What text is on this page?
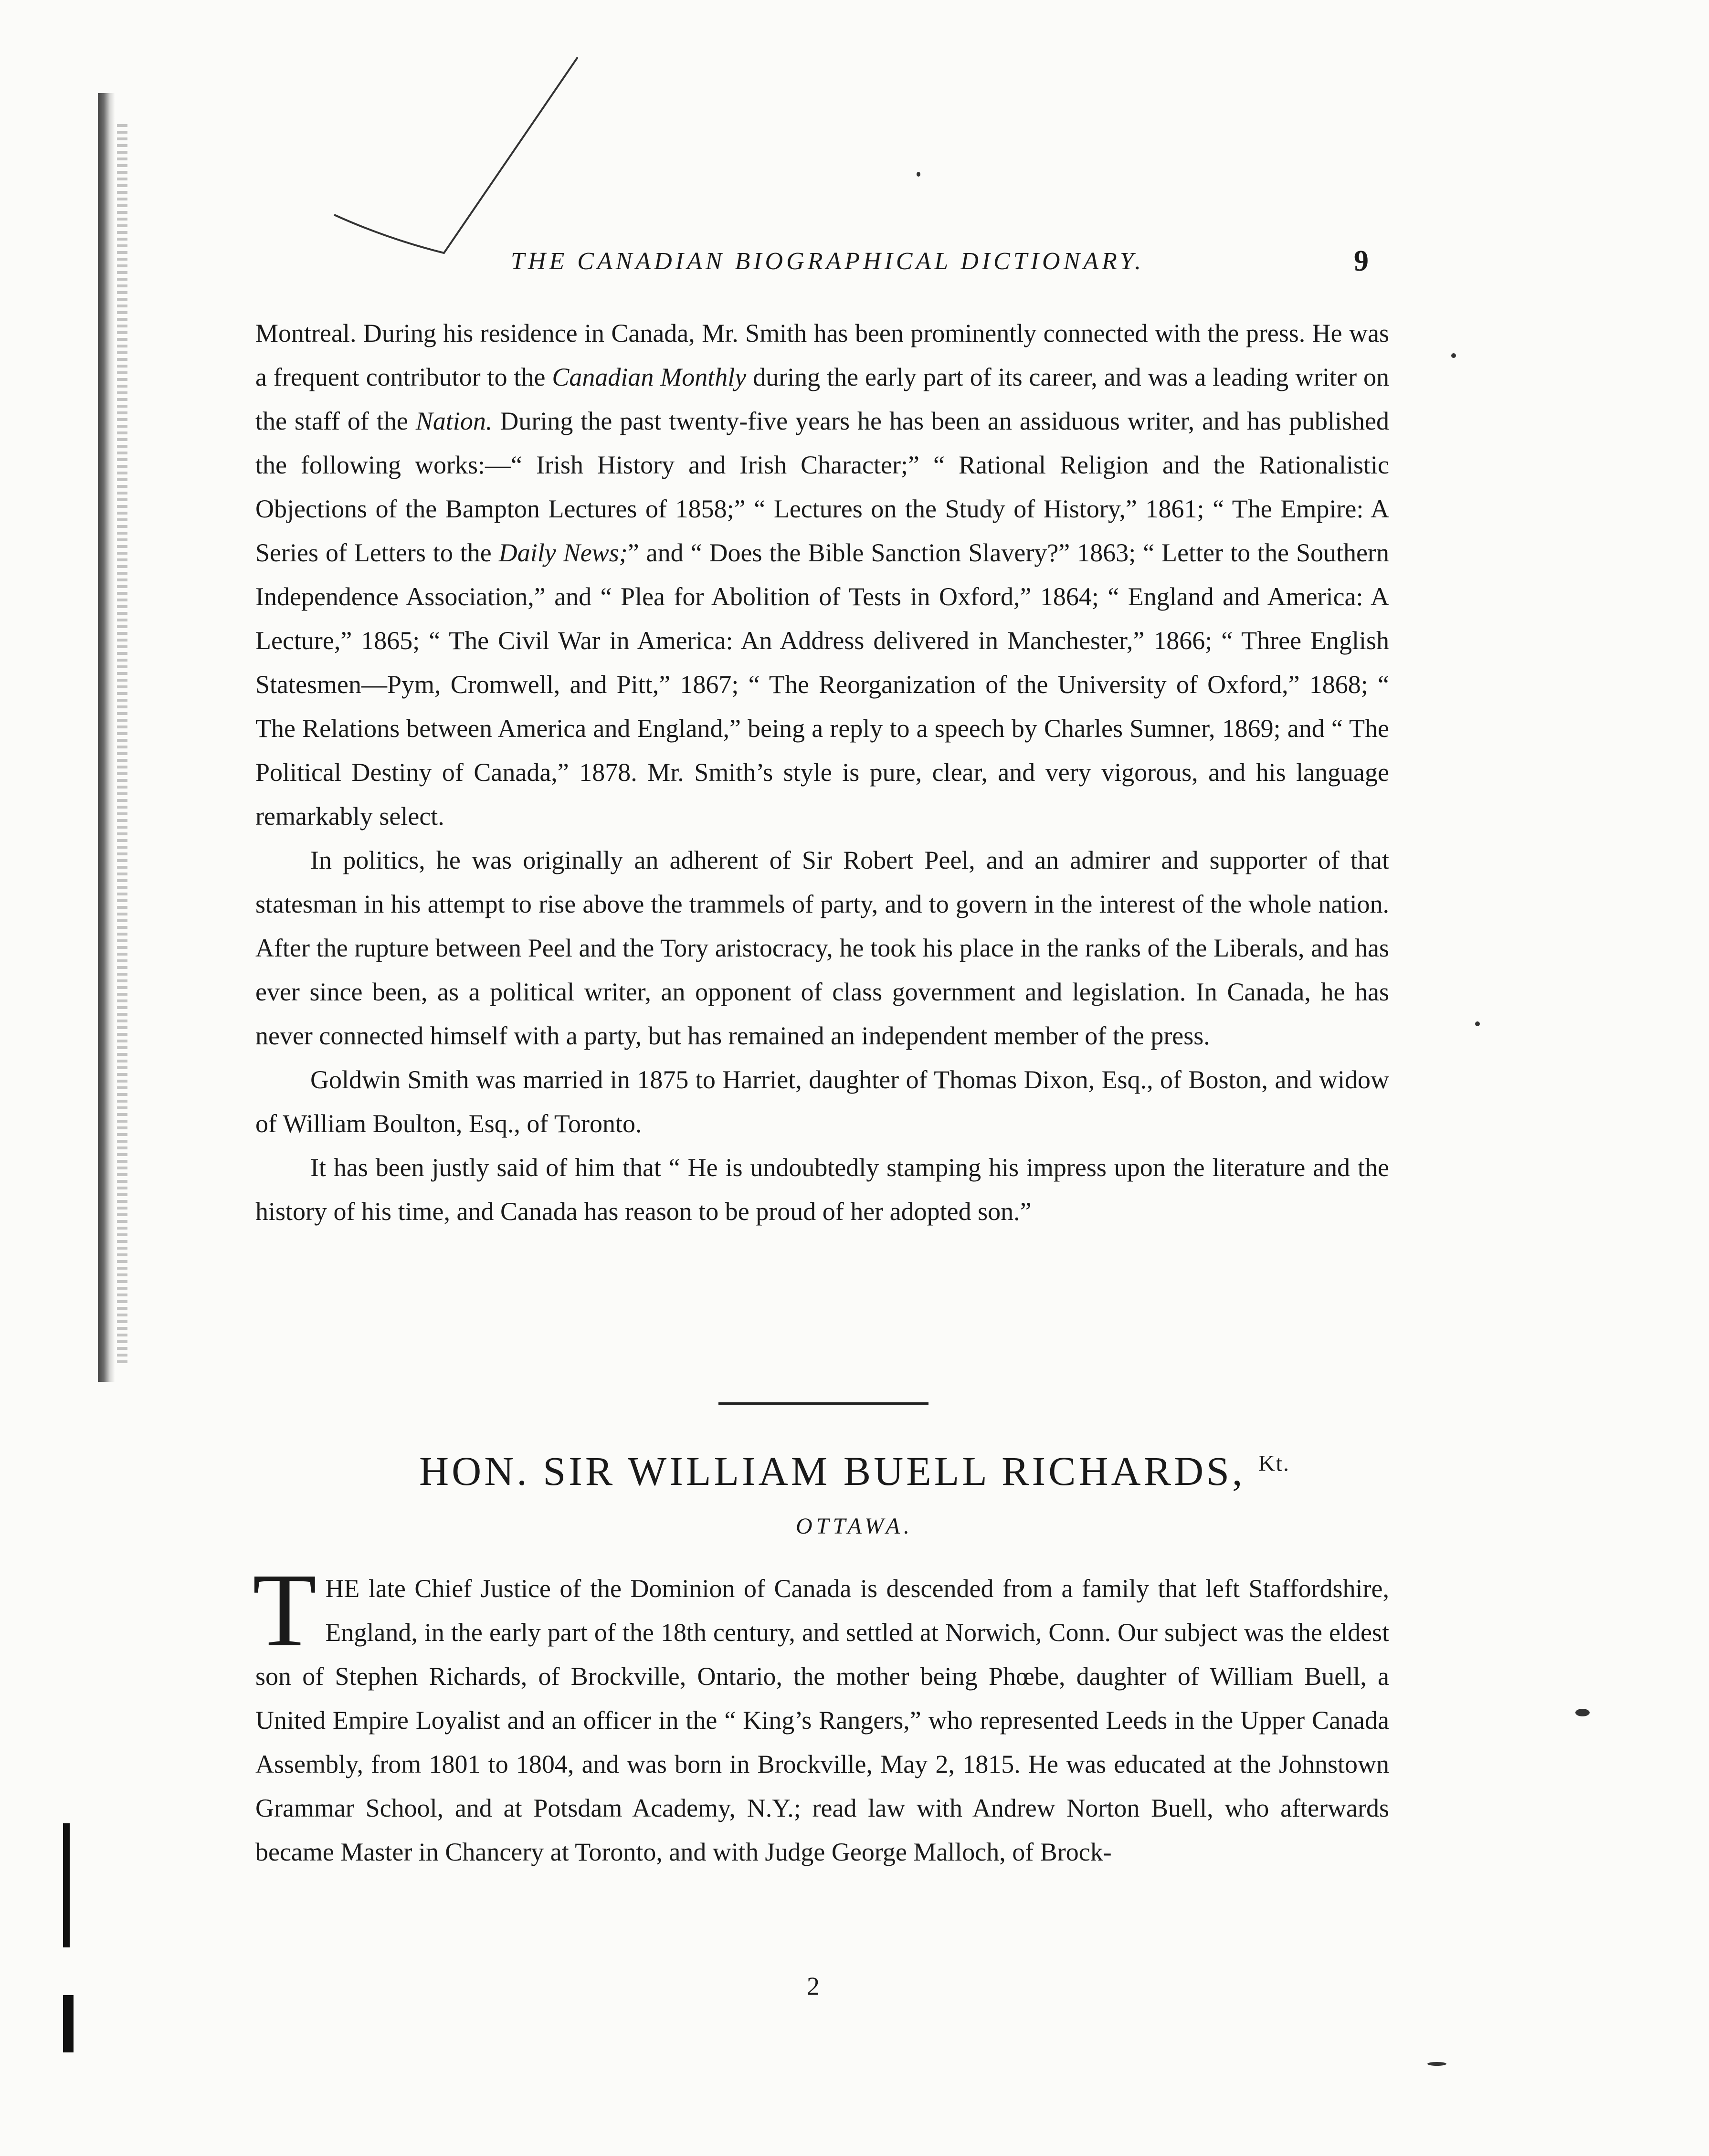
THE CANADIAN BIOGRAPHICAL DICTIONARY.	9

Montreal. During his residence in Canada, Mr. Smith has been prominently connected with the press. He was a frequent contributor to the Canadian Monthly during the early part of its career, and was a leading writer on the staff of the Nation. During the past twenty-five years he has been an assiduous writer, and has published the following works:—“ Irish History and Irish Character;” “ Rational Religion and the Rationalistic Objections of the Bampton Lectures of 1858;” “ Lectures on the Study of History,” 1861; “ The Empire: A Series of Letters to the Daily News;” and “ Does the Bible Sanction Slavery?” 1863; “ Letter to the Southern Independence Association,” and “ Plea for Abolition of Tests in Oxford,” 1864; “ England and America: A Lecture,” 1865; “ The Civil War in America: An Address delivered in Manchester,” 1866; “ Three English Statesmen—Pym, Cromwell, and Pitt,” 1867; “ The Reorganization of the University of Oxford,” 1868; “ The Relations between America and England,” being a reply to a speech by Charles Sumner, 1869; and “ The Political Destiny of Canada,” 1878. Mr. Smith’s style is pure, clear, and very vigorous, and his language remarkably select.

In politics, he was originally an adherent of Sir Robert Peel, and an admirer and supporter of that statesman in his attempt to rise above the trammels of party, and to govern in the interest of the whole nation. After the rupture between Peel and the Tory aristocracy, he took his place in the ranks of the Liberals, and has ever since been, as a political writer, an opponent of class government and legislation. In Canada, he has never connected himself with a party, but has remained an independent member of the press.

Goldwin Smith was married in 1875 to Harriet, daughter of Thomas Dixon, Esq., of Boston, and widow of William Boulton, Esq., of Toronto.

It has been justly said of him that “ He is undoubtedly stamping his impress upon the literature and the history of his time, and Canada has reason to be proud of her adopted son.”

HON. SIR WILLIAM BUELL RICHARDS, $^{Kt.}$
OTTAWA.
THE late Chief Justice of the Dominion of Canada is descended from a family that left Staffordshire, England, in the early part of the 18th century, and settled at Norwich, Conn. Our subject was the eldest son of Stephen Richards, of Brockville, Ontario, the mother being Phœbe, daughter of William Buell, a United Empire Loyalist and an officer in the “ King’s Rangers,” who represented Leeds in the Upper Canada Assembly, from 1801 to 1804, and was born in Brockville, May 2, 1815. He was educated at the Johnstown Grammar School, and at Potsdam Academy, N.Y.; read law with Andrew Norton Buell, who afterwards became Master in Chancery at Toronto, and with Judge George Malloch, of Brock-
2
